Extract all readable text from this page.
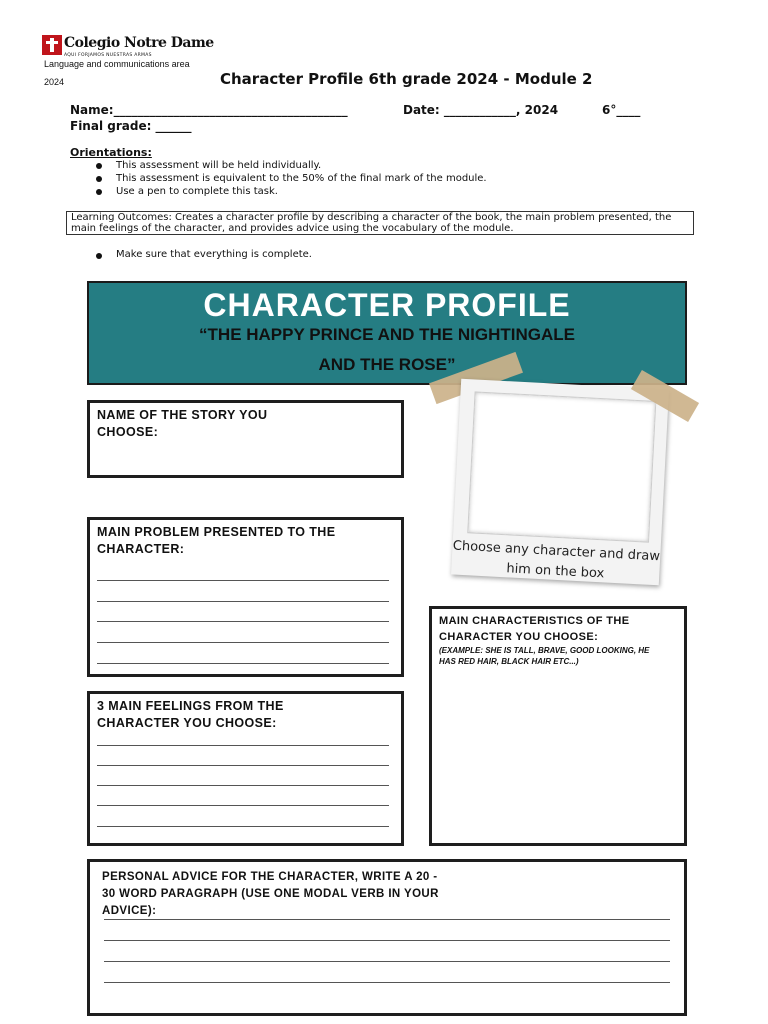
Colegio Notre Dame
AQUI FORJAMOS NUESTRAS ARMAS
Language and communications area
2024	Character Profile 6th grade 2024 - Module 2
Name:_______________________________________	Date: ____________, 2024	6°____
Final grade: ______
Orientations:
This assessment will be held individually.
This assessment is equivalent to the 50% of the final mark of the module.
Use a pen to complete this task.
Learning Outcomes: Creates a character profile by describing a character of the book, the main problem presented, the main feelings of the character, and provides advice using the vocabulary of the module.
Make sure that everything is complete.
CHARACTER PROFILE
“THE HAPPY PRINCE AND THE NIGHTINGALE
AND THE ROSE”
NAME OF THE STORY YOU CHOOSE:
MAIN PROBLEM PRESENTED TO THE CHARACTER:
3 MAIN FEELINGS FROM THE CHARACTER YOU CHOOSE:
Choose any character and draw him on the box
MAIN CHARACTERISTICS OF THE CHARACTER YOU CHOOSE:
(EXAMPLE: SHE IS TALL, BRAVE, GOOD LOOKING, HE HAS RED HAIR, BLACK HAIR ETC...)
PERSONAL ADVICE FOR THE CHARACTER, WRITE A 20 - 30 WORD PARAGRAPH (USE ONE MODAL VERB IN YOUR ADVICE):
